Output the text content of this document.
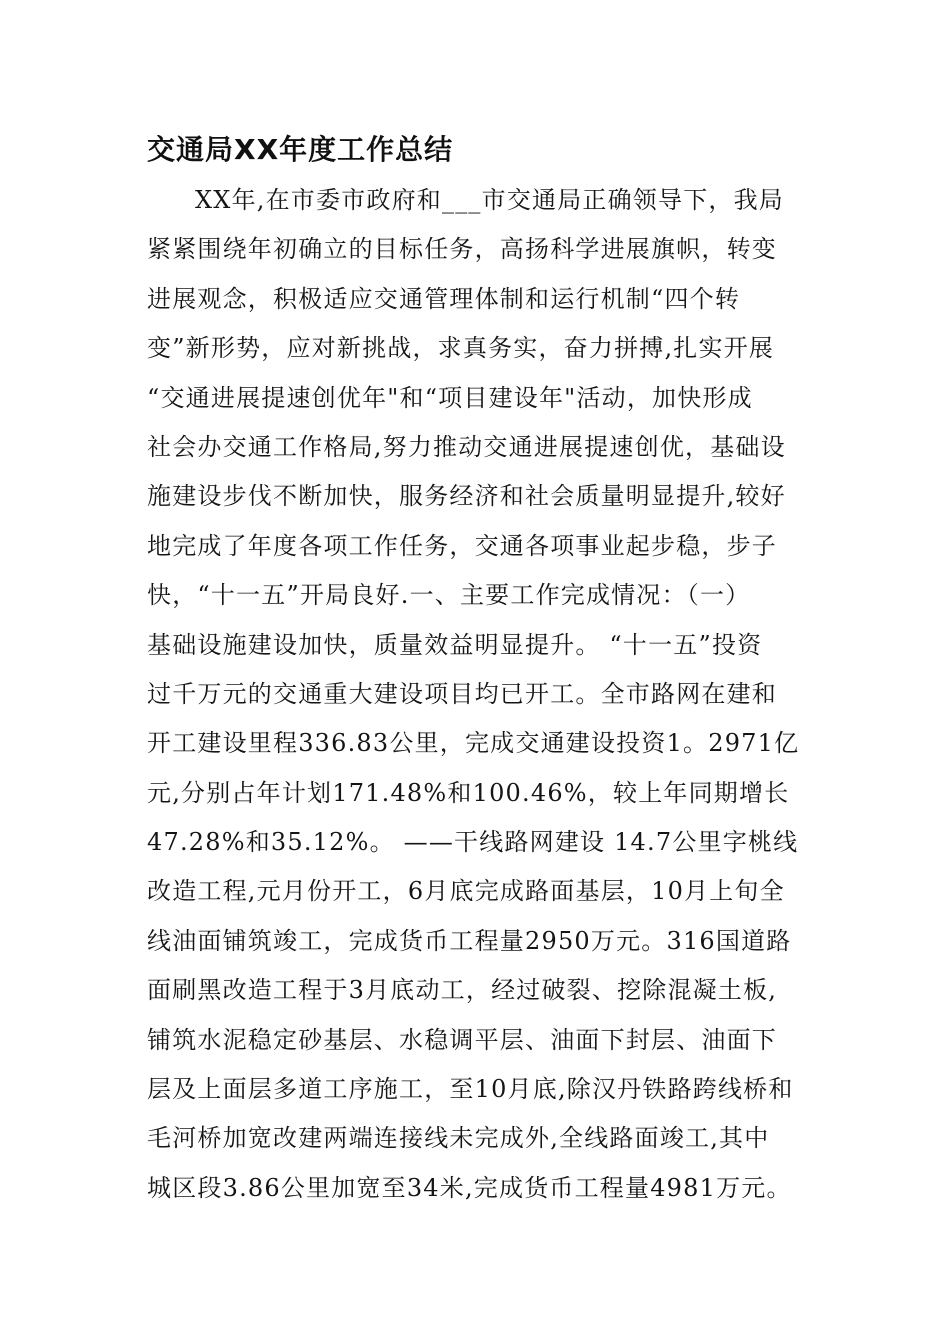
交通局XX年度工作总结
XX年,在市委市政府和___市交通局正确领导下，我局
紧紧围绕年初确立的目标任务，高扬科学进展旗帜，转变
进展观念，积极适应交通管理体制和运行机制“四个转
变”新形势，应对新挑战，求真务实，奋力拼搏,扎实开展
“交通进展提速创优年"和“项目建设年"活动，加快形成
社会办交通工作格局,努力推动交通进展提速创优，基础设
施建设步伐不断加快，服务经济和社会质量明显提升,较好
地完成了年度各项工作任务，交通各项事业起步稳，步子
快，“十一五”开局良好.一、主要工作完成情况：（一）
基础设施建设加快，质量效益明显提升。 “十一五”投资
过千万元的交通重大建设项目均已开工。全市路网在建和
开工建设里程336.83公里，完成交通建设投资1。2971亿
元,分别占年计划171.48%和100.46%，较上年同期增长
47.28%和35.12%。 ——干线路网建设 14.7公里字桃线
改造工程,元月份开工，6月底完成路面基层，10月上旬全
线油面铺筑竣工，完成货币工程量2950万元。316国道路
面刷黑改造工程于3月底动工，经过破裂、挖除混凝土板,
铺筑水泥稳定砂基层、水稳调平层、油面下封层、油面下
层及上面层多道工序施工，至10月底,除汉丹铁路跨线桥和
毛河桥加宽改建两端连接线未完成外,全线路面竣工,其中
城区段3.86公里加宽至34米,完成货币工程量4981万元。
